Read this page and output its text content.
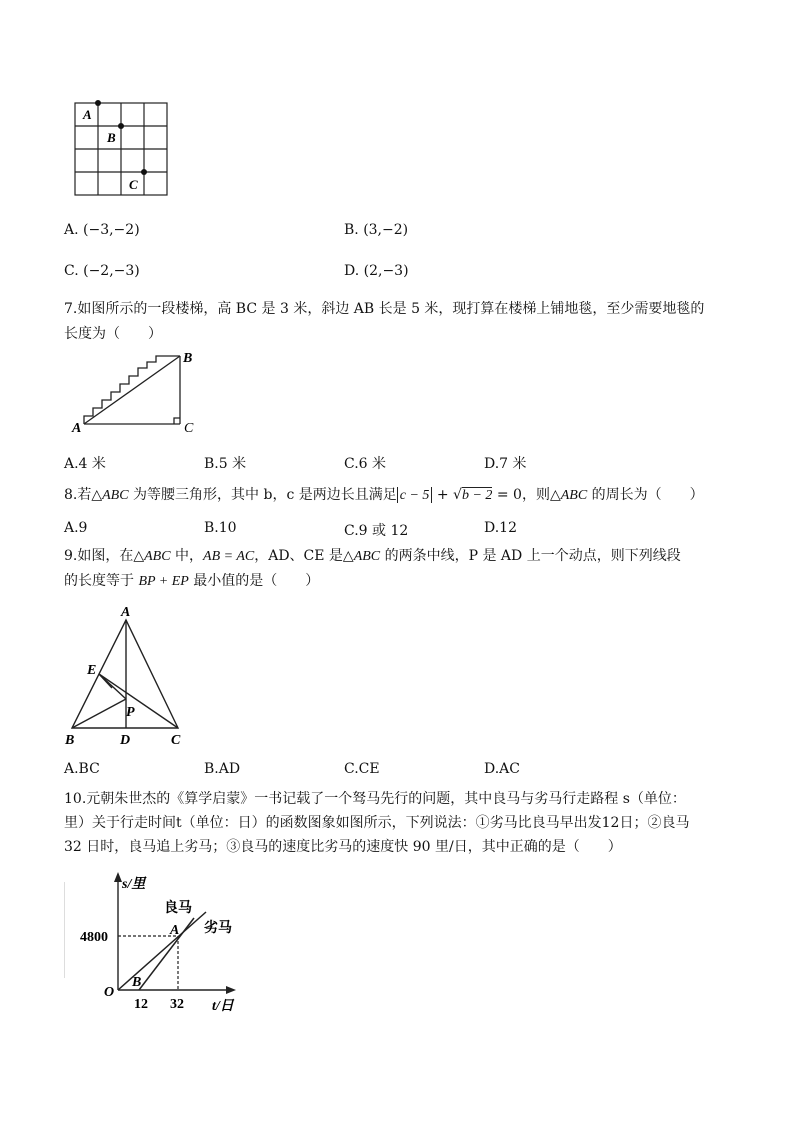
A
B
C
A. (−3,−2)	B. (3,−2)
C. (−2,−3)	D. (2,−3)
7.如图所示的一段楼梯，高 BC 是 3 米，斜边 AB 长是 5 米，现打算在楼梯上铺地毯，至少需要地毯的
长度为（　　）
A
B
C
A.4 米	B.5 米	C.6 米	D.7 米
8.若△ABC 为等腰三角形，其中 b，c 是两边长且满足 c − 5 + √b − 2 = 0，则△ABC 的周长为（　　）
A.9	B.10	C.9 或 12	D.12
9.如图，在△ABC 中，AB = AC，AD、CE 是△ABC 的两条中线，P 是 AD 上一个动点，则下列线段
的长度等于 BP + EP 最小值的是（　　）
A
B	C
D
E
P
A.BC	B.AD	C.CE	D.AC
10.元朝朱世杰的《算学启蒙》一书记载了一个驽马先行的问题，其中良马与劣马行走路程 s（单位：
里）关于行走时间t（单位：日）的函数图象如图所示，下列说法：①劣马比良马早出发12日；②良马
32 日时，良马追上劣马；③良马的速度比劣马的速度快 90 里/日，其中正确的是（　　）
s/里
t/日
良马
劣马
4800
12 32
O
A
B
